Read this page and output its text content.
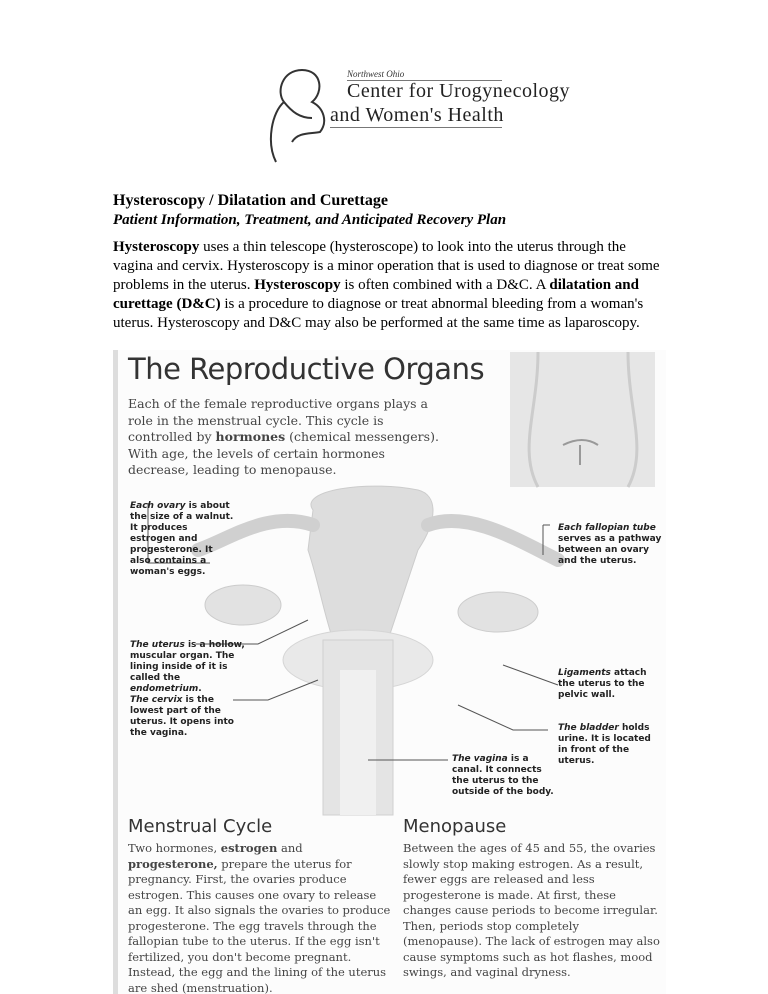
Northwest Ohio
Center for Urogynecology
and Women's Health
Hysteroscopy / Dilatation and Curettage
Patient Information, Treatment, and Anticipated Recovery Plan
Hysteroscopy uses a thin telescope (hysteroscope) to look into the uterus through the vagina and cervix. Hysteroscopy is a minor operation that is used to diagnose or treat some problems in the uterus. Hysteroscopy is often combined with a D&C. A dilatation and curettage (D&C) is a procedure to diagnose or treat abnormal bleeding from a woman's uterus. Hysteroscopy and D&C may also be performed at the same time as laparoscopy.
The Reproductive Organs
Each of the female reproductive organs plays a role in the menstrual cycle. This cycle is controlled by hormones (chemical messengers). With age, the levels of certain hormones decrease, leading to menopause.
Each ovary is about the size of a walnut. It produces estrogen and progesterone. It also contains a woman's eggs.
Each fallopian tube serves as a pathway between an ovary and the uterus.
The uterus is a hollow, muscular organ. The lining inside of it is called the endometrium.
Ligaments attach the uterus to the pelvic wall.
The cervix is the lowest part of the uterus. It opens into the vagina.	The bladder holds urine. It is located in front of the uterus.
The vagina is a canal. It connects the uterus to the outside of the body.
Menstrual Cycle
Two hormones, estrogen and progesterone, prepare the uterus for pregnancy. First, the ovaries produce estrogen. This causes one ovary to release an egg. It also signals the ovaries to produce progesterone. The egg travels through the fallopian tube to the uterus. If the egg isn't fertilized, you don't become pregnant. Instead, the egg and the lining of the uterus are shed (menstruation).
Menopause
Between the ages of 45 and 55, the ovaries slowly stop making estrogen. As a result, fewer eggs are released and less progesterone is made. At first, these changes cause periods to become irregular. Then, periods stop completely (menopause). The lack of estrogen may also cause symptoms such as hot flashes, mood swings, and vaginal dryness.
